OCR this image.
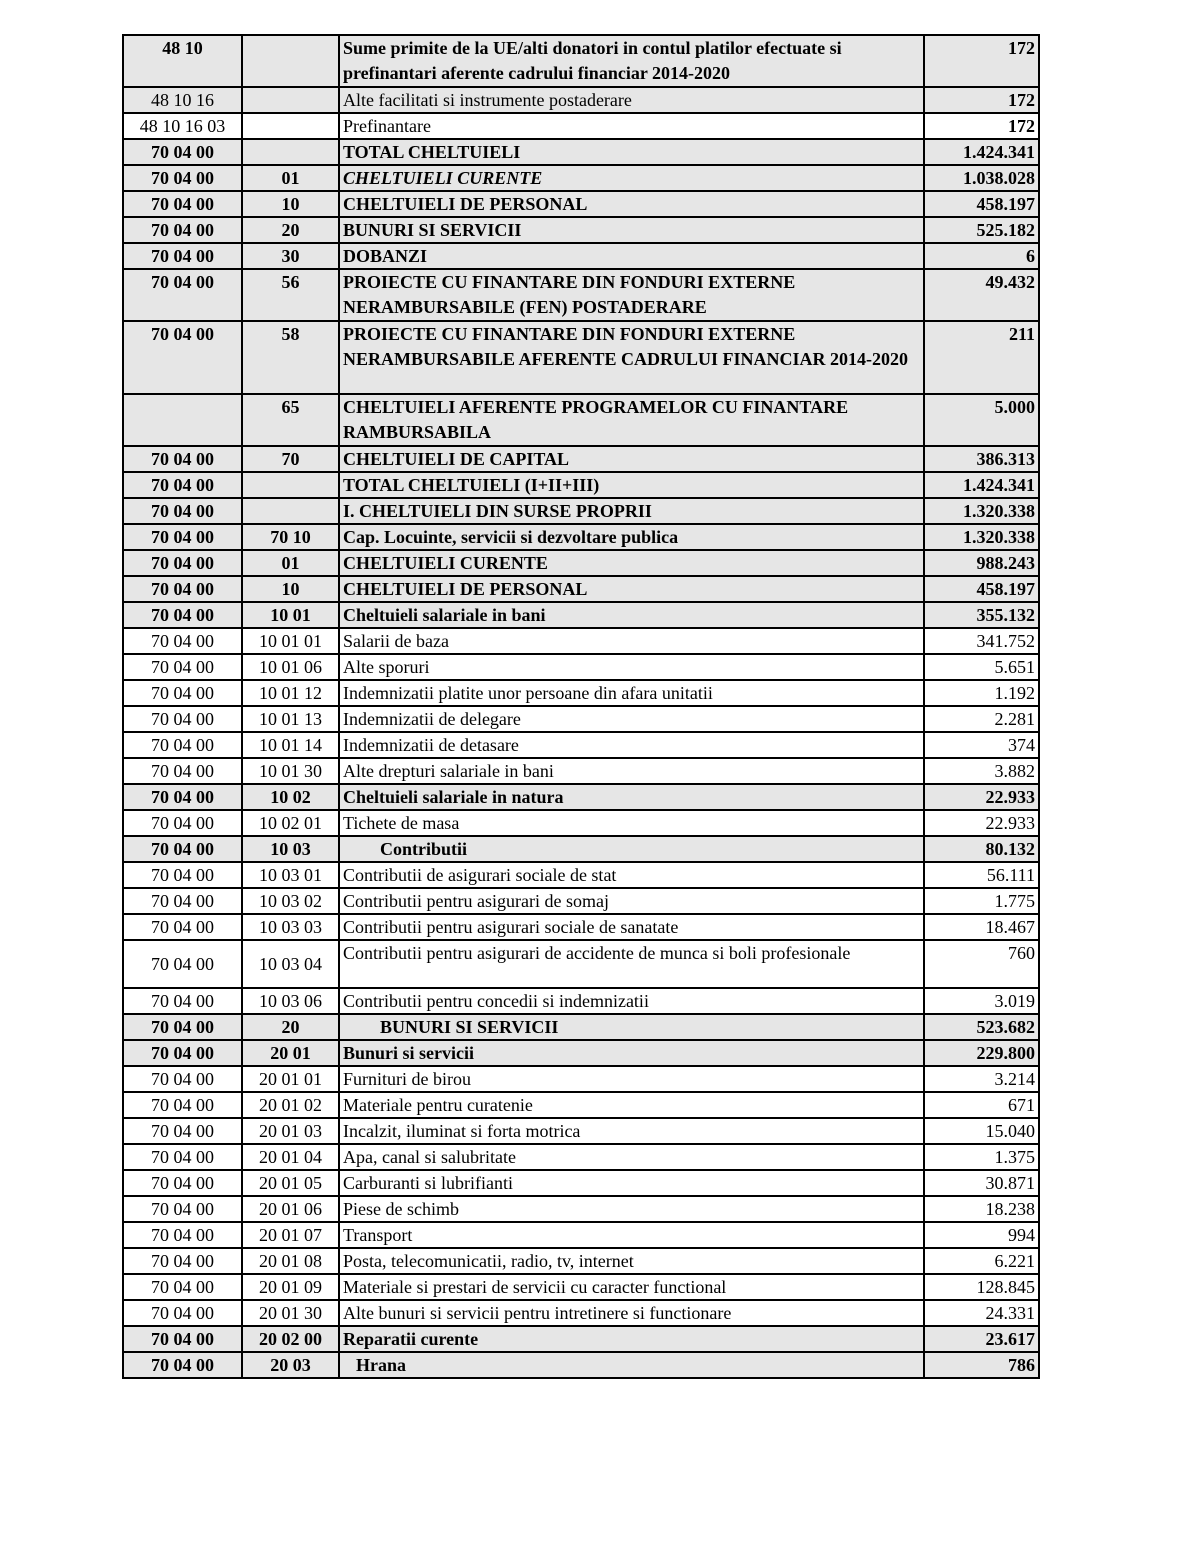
48 10		Sume primite de la UE/alti donatori in contul platilor efectuate si prefinantari aferente cadrului financiar 2014-2020	172
48 10 16		Alte facilitati si instrumente postaderare	172
48 10 16 03		Prefinantare	172
70 04 00		TOTAL CHELTUIELI	1.424.341
70 04 00	01	CHELTUIELI CURENTE	1.038.028
70 04 00	10	CHELTUIELI DE PERSONAL	458.197
70 04 00	20	BUNURI SI SERVICII	525.182
70 04 00	30	DOBANZI	6
70 04 00	56	PROIECTE CU FINANTARE DIN FONDURI EXTERNE NERAMBURSABILE (FEN) POSTADERARE	49.432
70 04 00	58	PROIECTE CU FINANTARE DIN FONDURI EXTERNE NERAMBURSABILE AFERENTE CADRULUI FINANCIAR 2014-2020	211
	65	CHELTUIELI AFERENTE PROGRAMELOR CU FINANTARE RAMBURSABILA	5.000
70 04 00	70	CHELTUIELI DE CAPITAL	386.313
70 04 00		TOTAL CHELTUIELI (I+II+III)	1.424.341
70 04 00		I. CHELTUIELI DIN SURSE PROPRII	1.320.338
70 04 00	70 10	Cap. Locuinte, servicii si dezvoltare publica	1.320.338
70 04 00	01	CHELTUIELI CURENTE	988.243
70 04 00	10	CHELTUIELI DE PERSONAL	458.197
70 04 00	10 01	Cheltuieli salariale in bani	355.132
70 04 00	10 01 01	Salarii de baza	341.752
70 04 00	10 01 06	Alte sporuri	5.651
70 04 00	10 01 12	Indemnizatii platite unor persoane din afara unitatii	1.192
70 04 00	10 01 13	Indemnizatii de delegare	2.281
70 04 00	10 01 14	Indemnizatii de detasare	374
70 04 00	10 01 30	Alte drepturi salariale in bani	3.882
70 04 00	10 02	Cheltuieli salariale in natura	22.933
70 04 00	10 02 01	Tichete de masa	22.933
70 04 00	10 03	Contributii	80.132
70 04 00	10 03 01	Contributii de asigurari sociale de stat	56.111
70 04 00	10 03 02	Contributii pentru asigurari de somaj	1.775
70 04 00	10 03 03	Contributii pentru asigurari sociale de sanatate	18.467
70 04 00	10 03 04	Contributii pentru asigurari de accidente de munca si boli profesionale	760
70 04 00	10 03 06	Contributii pentru concedii si indemnizatii	3.019
70 04 00	20	BUNURI SI SERVICII	523.682
70 04 00	20 01	Bunuri si servicii	229.800
70 04 00	20 01 01	Furnituri de birou	3.214
70 04 00	20 01 02	Materiale pentru curatenie	671
70 04 00	20 01 03	Incalzit, iluminat si forta motrica	15.040
70 04 00	20 01 04	Apa, canal si salubritate	1.375
70 04 00	20 01 05	Carburanti si lubrifianti	30.871
70 04 00	20 01 06	Piese de schimb	18.238
70 04 00	20 01 07	Transport	994
70 04 00	20 01 08	Posta, telecomunicatii, radio, tv, internet	6.221
70 04 00	20 01 09	Materiale si prestari de servicii cu caracter functional	128.845
70 04 00	20 01 30	Alte bunuri si servicii pentru intretinere si functionare	24.331
70 04 00	20 02 00	Reparatii curente	23.617
70 04 00	20 03	Hrana	786
